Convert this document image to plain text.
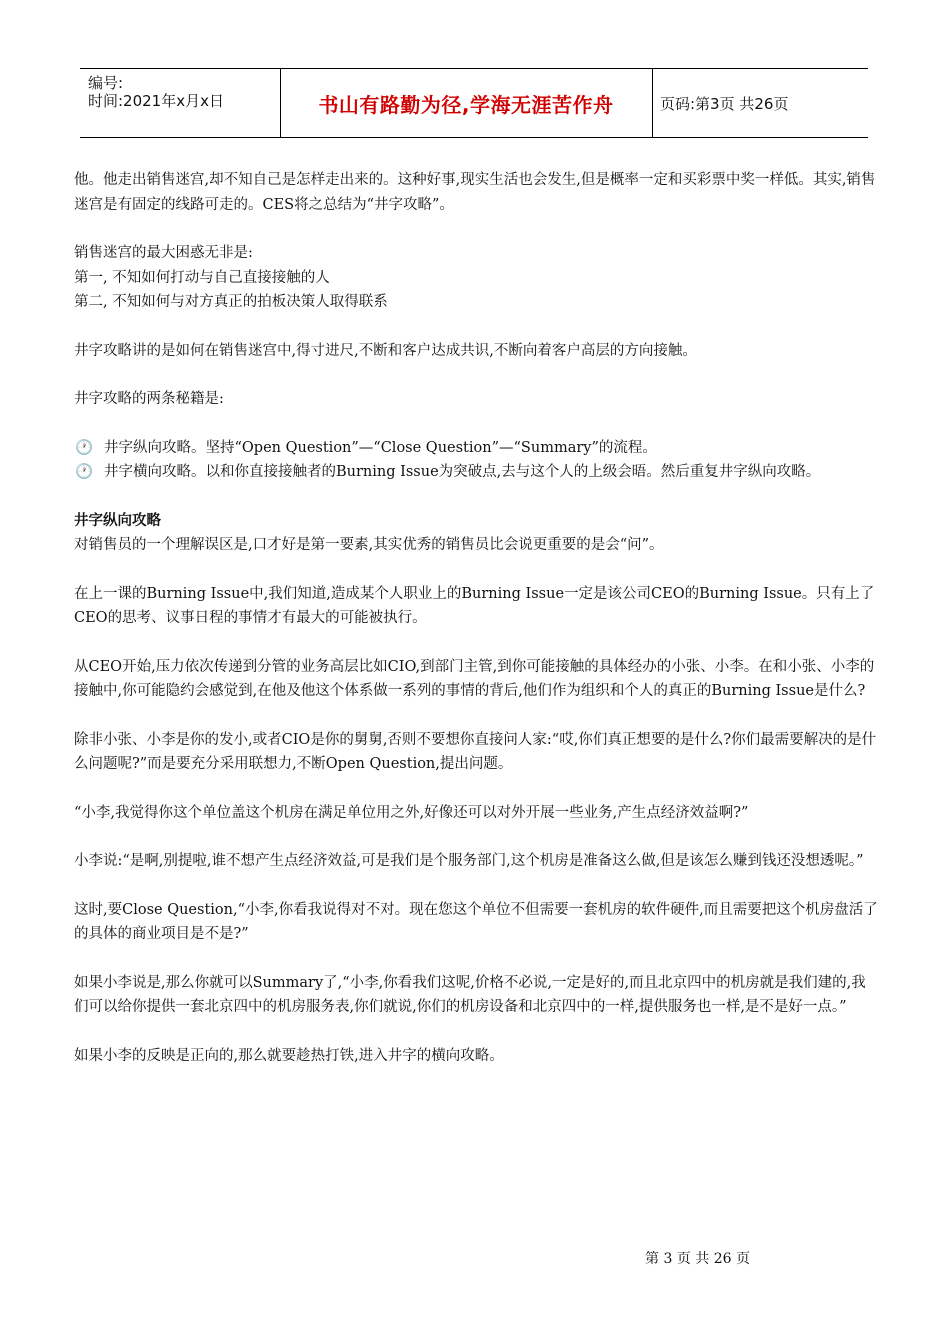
编号:
时间:2021年x月x日	书山有路勤为径,学海无涯苦作舟	页码:第3页 共26页

他。他走出销售迷宫,却不知自己是怎样走出来的。这种好事,现实生活也会发生,但是概率一定和买彩票中奖一样低。其实,销售迷宫是有固定的线路可走的。CES将之总结为“井字攻略”。

销售迷宫的最大困惑无非是:

第一, 不知如何打动与自己直接接触的人

第二, 不知如何与对方真正的拍板决策人取得联系

井字攻略讲的是如何在销售迷宫中,得寸进尺,不断和客户达成共识,不断向着客户高层的方向接触。

井字攻略的两条秘籍是:

🕐 井字纵向攻略。坚持“Open Question”—“Close Question”—“Summary”的流程。

🕐 井字横向攻略。以和你直接接触者的Burning Issue为突破点,去与这个人的上级会晤。然后重复井字纵向攻略。

井字纵向攻略

对销售员的一个理解误区是,口才好是第一要素,其实优秀的销售员比会说更重要的是会“问”。

在上一课的Burning Issue中,我们知道,造成某个人职业上的Burning Issue一定是该公司CEO的Burning Issue。只有上了CEO的思考、议事日程的事情才有最大的可能被执行。

从CEO开始,压力依次传递到分管的业务高层比如CIO,到部门主管,到你可能接触的具体经办的小张、小李。在和小张、小李的接触中,你可能隐约会感觉到,在他及他这个体系做一系列的事情的背后,他们作为组织和个人的真正的Burning Issue是什么?

除非小张、小李是你的发小,或者CIO是你的舅舅,否则不要想你直接问人家:“哎,你们真正想要的是什么?你们最需要解决的是什么问题呢?”而是要充分采用联想力,不断Open Question,提出问题。

“小李,我觉得你这个单位盖这个机房在满足单位用之外,好像还可以对外开展一些业务,产生点经济效益啊?”

小李说:“是啊,别提啦,谁不想产生点经济效益,可是我们是个服务部门,这个机房是准备这么做,但是该怎么赚到钱还没想透呢。”

这时,要Close Question,“小李,你看我说得对不对。现在您这个单位不但需要一套机房的软件硬件,而且需要把这个机房盘活了的具体的商业项目是不是?”

如果小李说是,那么你就可以Summary了,“小李,你看我们这呢,价格不必说,一定是好的,而且北京四中的机房就是我们建的,我们可以给你提供一套北京四中的机房服务表,你们就说,你们的机房设备和北京四中的一样,提供服务也一样,是不是好一点。”

如果小李的反映是正向的,那么就要趁热打铁,进入井字的横向攻略。

第 3 页 共 26 页
